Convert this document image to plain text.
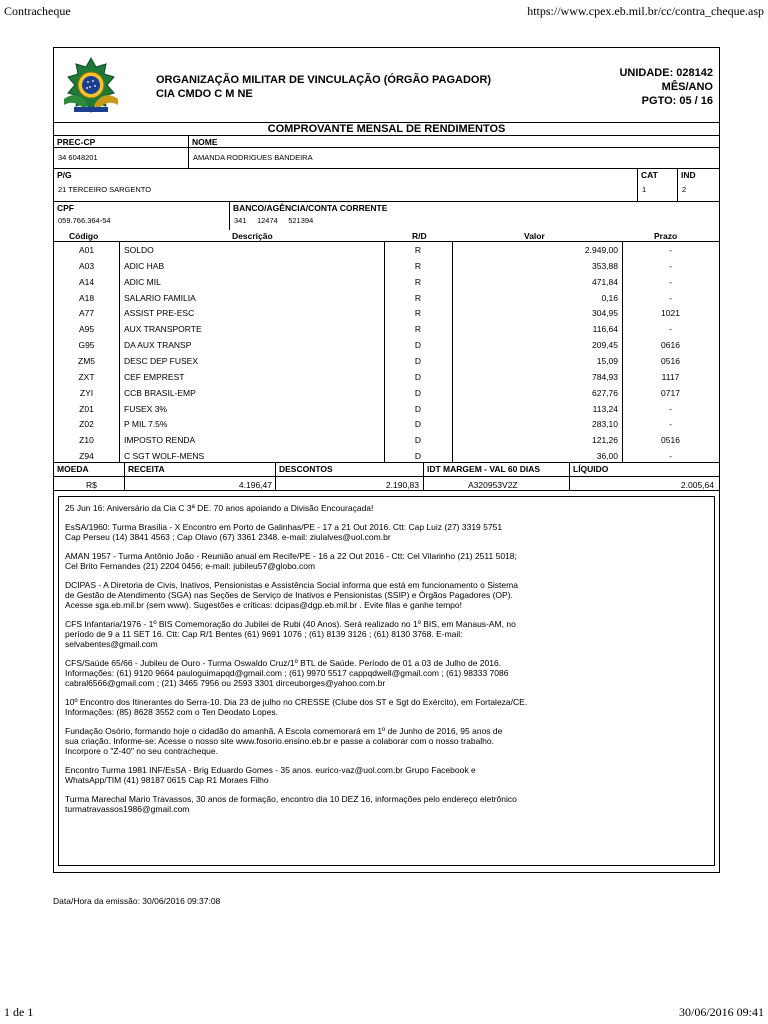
Contracheque	https://www.cpex.eb.mil.br/cc/contra_cheque.asp
ORGANIZAÇÃO MILITAR DE VINCULAÇÃO (ÓRGÃO PAGADOR)
CIA CMDO C M NE
UNIDADE: 028142
MÊS/ANO
PGTO: 05 / 16
COMPROVANTE MENSAL DE RENDIMENTOS
PREC-CP
34 6048201
NOME
AMANDA RODRIGUES BANDEIRA
P/G
21 TERCEIRO SARGENTO
CAT
1
IND
2
CPF
059.766.364-54
BANCO/AGÊNCIA/CONTA CORRENTE
341 12474 521394
Código	Descrição	R/D	Valor	Prazo
A01	SOLDO	R	2.949,00	-
A03	ADIC HAB	R	353,88	-
A14	ADIC MIL	R	471,84	-
A18	SALARIO FAMILIA	R	0,16	-
A77	ASSIST PRE-ESC	R	304,95	1021
A95	AUX TRANSPORTE	R	116,64	-
G95	DA AUX TRANSP	D	209,45	0616
ZM5	DESC DEP FUSEX	D	15,09	0516
ZXT	CEF EMPREST	D	784,93	1117
ZYI	CCB BRASIL-EMP	D	627,76	0717
Z01	FUSEX 3%	D	113,24	-
Z02	P MIL 7.5%	D	283,10	-
Z10	IMPOSTO RENDA	D	121,26	0516
Z94	C SGT WOLF-MENS	D	36,00	-
MOEDA
R$
RECEITA
4.196,47
DESCONTOS
2.190,83
IDT MARGEM - VAL 60 DIAS
A320953V2Z
LÍQUIDO
2.005,64
25 Jun 16: Aniversário da Cia C 3ª DE. 70 anos apoiando a Divisão Encouraçada!
EsSA/1960: Turma Brasília - X Encontro em Porto de Galinhas/PE - 17 a 21 Out 2016. Ctt: Cap Luiz (27) 3319 5751
Cap Perseu (14) 3841 4563 ; Cap Olavo (67) 3361 2348. e-mail: ziulalves@uol.com.br
AMAN 1957 - Turma Antônio João - Reunião anual em Recife/PE - 16 a 22 Out 2016 - Ctt: Cel Vilarinho (21) 2511 5018;
Cel Brito Fernandes (21) 2204 0456; e-mail: jubileu57@globo.com
DCIPAS - A Diretoria de Civis, Inativos, Pensionistas e Assistência Social informa que está em funcionamento o Sistema
de Gestão de Atendimento (SGA) nas Seções de Serviço de Inativos e Pensionistas (SSIP) e Órgãos Pagadores (OP).
Acesse sga.eb.mil.br (sem www). Sugestões e críticas: dcipas@dgp.eb.mil.br . Evite filas e ganhe tempo!
CFS Infantaria/1976 - 1º BIS Comemoração do Jubilei de Rubi (40 Anos). Será realizado no 1º BIS, em Manaus-AM, no
período de 9 a 11 SET 16. Ctt: Cap R/1 Bentes (61) 9691 1076 ; (61) 8139 3126 ; (61) 8130 3768. E-mail:
selvabentes@gmail.com
CFS/Saúde 65/66 - Jubileu de Ouro - Turma Oswaldo Cruz/1º BTL de Saúde. Período de 01 a 03 de Julho de 2016.
Informações: (61) 9120 9664 pauloguimapqd@gmail.com ; (61) 9970 5517 cappqdwell@gmail.com ; (61) 98333 7086
cabral6566@gmail.com ; (21) 3465 7956 ou 2593 3301 dirceuborges@yahoo.com.br
10º Encontro dos Itinerantes do Serra-10. Dia 23 de julho no CRESSE (Clube dos ST e Sgt do Exército), em Fortaleza/CE.
Informações: (85) 8628 3552 com o Ten Deodato Lopes.
Fundação Osório, formando hoje o cidadão do amanhã. A Escola comemorará em 1º de Junho de 2016, 95 anos de
sua criação. Informe-se: Acesse o nosso site www.fosorio.ensino.eb.br e passe a colaborar com o nosso trabalho.
Incorpore o "Z-40" no seu contracheque.
Encontro Turma 1981 INF/EsSA - Brig Eduardo Gomes - 35 anos. eurico-vaz@uol.com.br Grupo Facebook e
WhatsApp/TIM (41) 98187 0615 Cap R1 Moraes Filho
Turma Marechal Mario Travassos, 30 anos de formação, encontro dia 10 DEZ 16, informações pelo endereço eletrônico
turmatravassos1986@gmail.com
Data/Hora da emissão: 30/06/2016 09:37:08
1 de 1	30/06/2016 09:41
